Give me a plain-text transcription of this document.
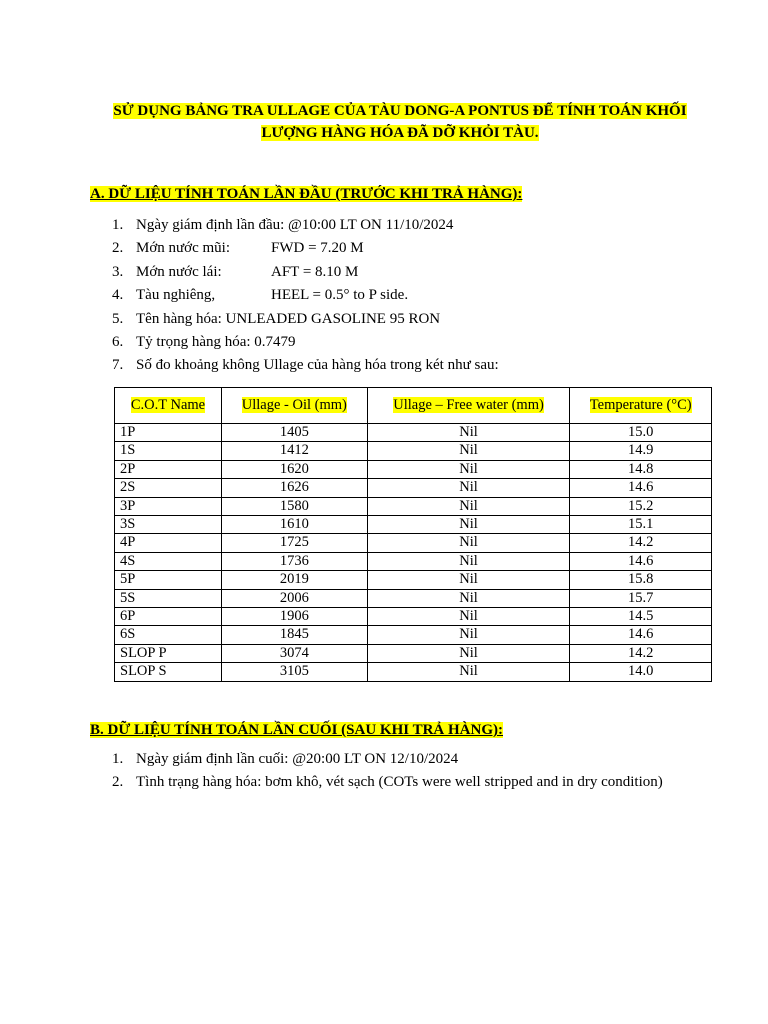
SỬ DỤNG BẢNG TRA ULLAGE CỦA TÀU DONG-A PONTUS ĐỂ TÍNH TOÁN KHỐI LƯỢNG HÀNG HÓA ĐÃ DỠ KHỎI TÀU.
A. DỮ LIỆU TÍNH TOÁN LẦN ĐẦU (TRƯỚC KHI TRẢ HÀNG):
1. Ngày giám định lần đầu: @10:00 LT ON 11/10/2024
2. Mớn nước mũi:	FWD = 7.20 M
3. Mớn nước lái:	AFT = 8.10 M
4. Tàu nghiêng,	HEEL = 0.5° to P side.
5. Tên hàng hóa: UNLEADED GASOLINE 95 RON
6. Tỷ trọng hàng hóa: 0.7479
7. Số đo khoảng không Ullage của hàng hóa trong két như sau:
C.O.T Name	Ullage - Oil (mm)	Ullage – Free water (mm)	Temperature (°C)
1P	1405	Nil	15.0
1S	1412	Nil	14.9
2P	1620	Nil	14.8
2S	1626	Nil	14.6
3P	1580	Nil	15.2
3S	1610	Nil	15.1
4P	1725	Nil	14.2
4S	1736	Nil	14.6
5P	2019	Nil	15.8
5S	2006	Nil	15.7
6P	1906	Nil	14.5
6S	1845	Nil	14.6
SLOP P	3074	Nil	14.2
SLOP S	3105	Nil	14.0
B. DỮ LIỆU TÍNH TOÁN LẦN CUỐI (SAU KHI TRẢ HÀNG):
1. Ngày giám định lần cuối: @20:00 LT ON 12/10/2024
2. Tình trạng hàng hóa: bơm khô, vét sạch (COTs were well stripped and in dry condition)
